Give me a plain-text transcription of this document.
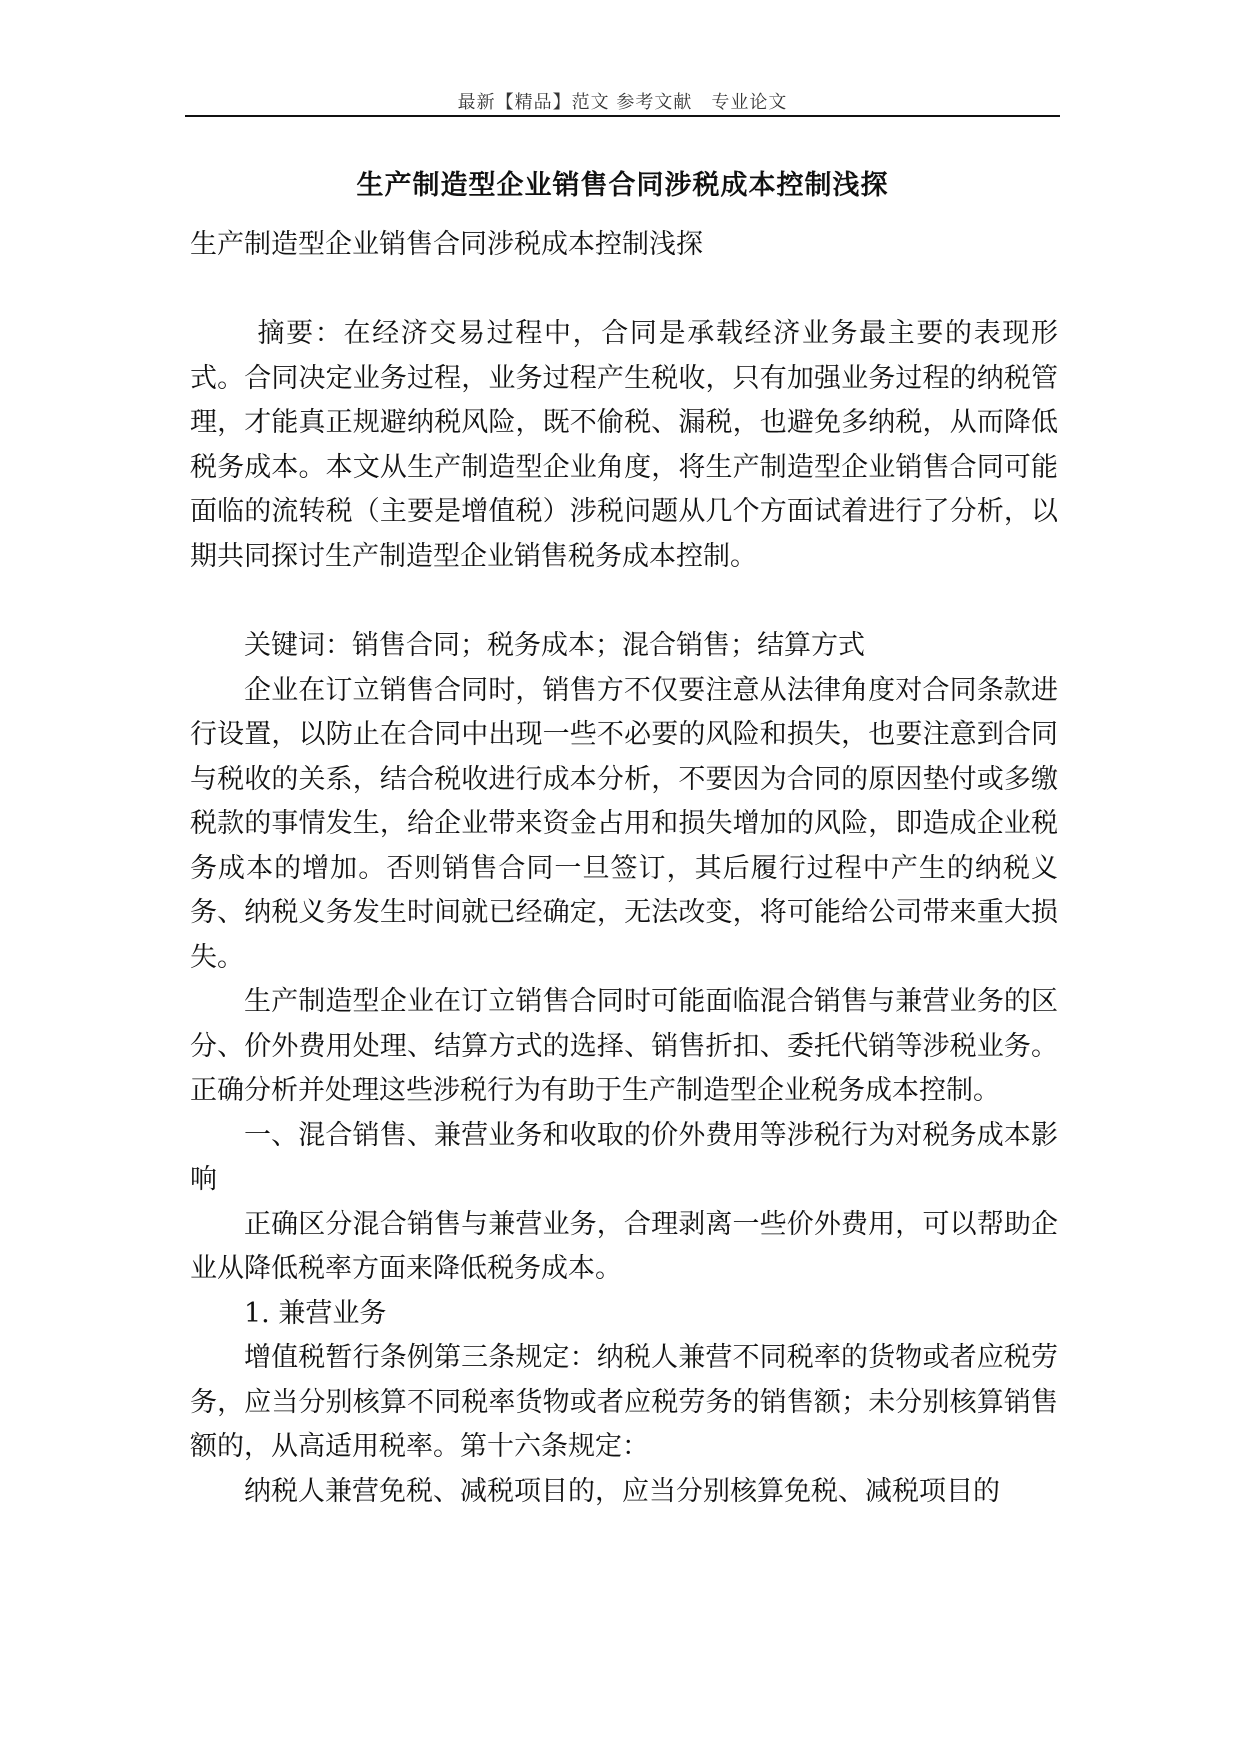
最新【精品】范文 参考文献　专业论文
生产制造型企业销售合同涉税成本控制浅探
生产制造型企业销售合同涉税成本控制浅探

摘要：在经济交易过程中，合同是承载经济业务最主要的表现形式。合同决定业务过程，业务过程产生税收，只有加强业务过程的纳税管理，才能真正规避纳税风险，既不偷税、漏税，也避免多纳税，从而降低税务成本。本文从生产制造型企业角度，将生产制造型企业销售合同可能面临的流转税（主要是增值税）涉税问题从几个方面试着进行了分析，以期共同探讨生产制造型企业销售税务成本控制。

关键词：销售合同；税务成本；混合销售；结算方式

企业在订立销售合同时，销售方不仅要注意从法律角度对合同条款进行设置，以防止在合同中出现一些不必要的风险和损失，也要注意到合同与税收的关系，结合税收进行成本分析，不要因为合同的原因垫付或多缴税款的事情发生，给企业带来资金占用和损失增加的风险，即造成企业税务成本的增加。否则销售合同一旦签订，其后履行过程中产生的纳税义务、纳税义务发生时间就已经确定，无法改变，将可能给公司带来重大损失。

生产制造型企业在订立销售合同时可能面临混合销售与兼营业务的区分、价外费用处理、结算方式的选择、销售折扣、委托代销等涉税业务。正确分析并处理这些涉税行为有助于生产制造型企业税务成本控制。

一、混合销售、兼营业务和收取的价外费用等涉税行为对税务成本影响

正确区分混合销售与兼营业务，合理剥离一些价外费用，可以帮助企业从降低税率方面来降低税务成本。

1. 兼营业务

增值税暂行条例第三条规定：纳税人兼营不同税率的货物或者应税劳务，应当分别核算不同税率货物或者应税劳务的销售额；未分别核算销售额的，从高适用税率。第十六条规定：

纳税人兼营免税、减税项目的，应当分别核算免税、减税项目的
